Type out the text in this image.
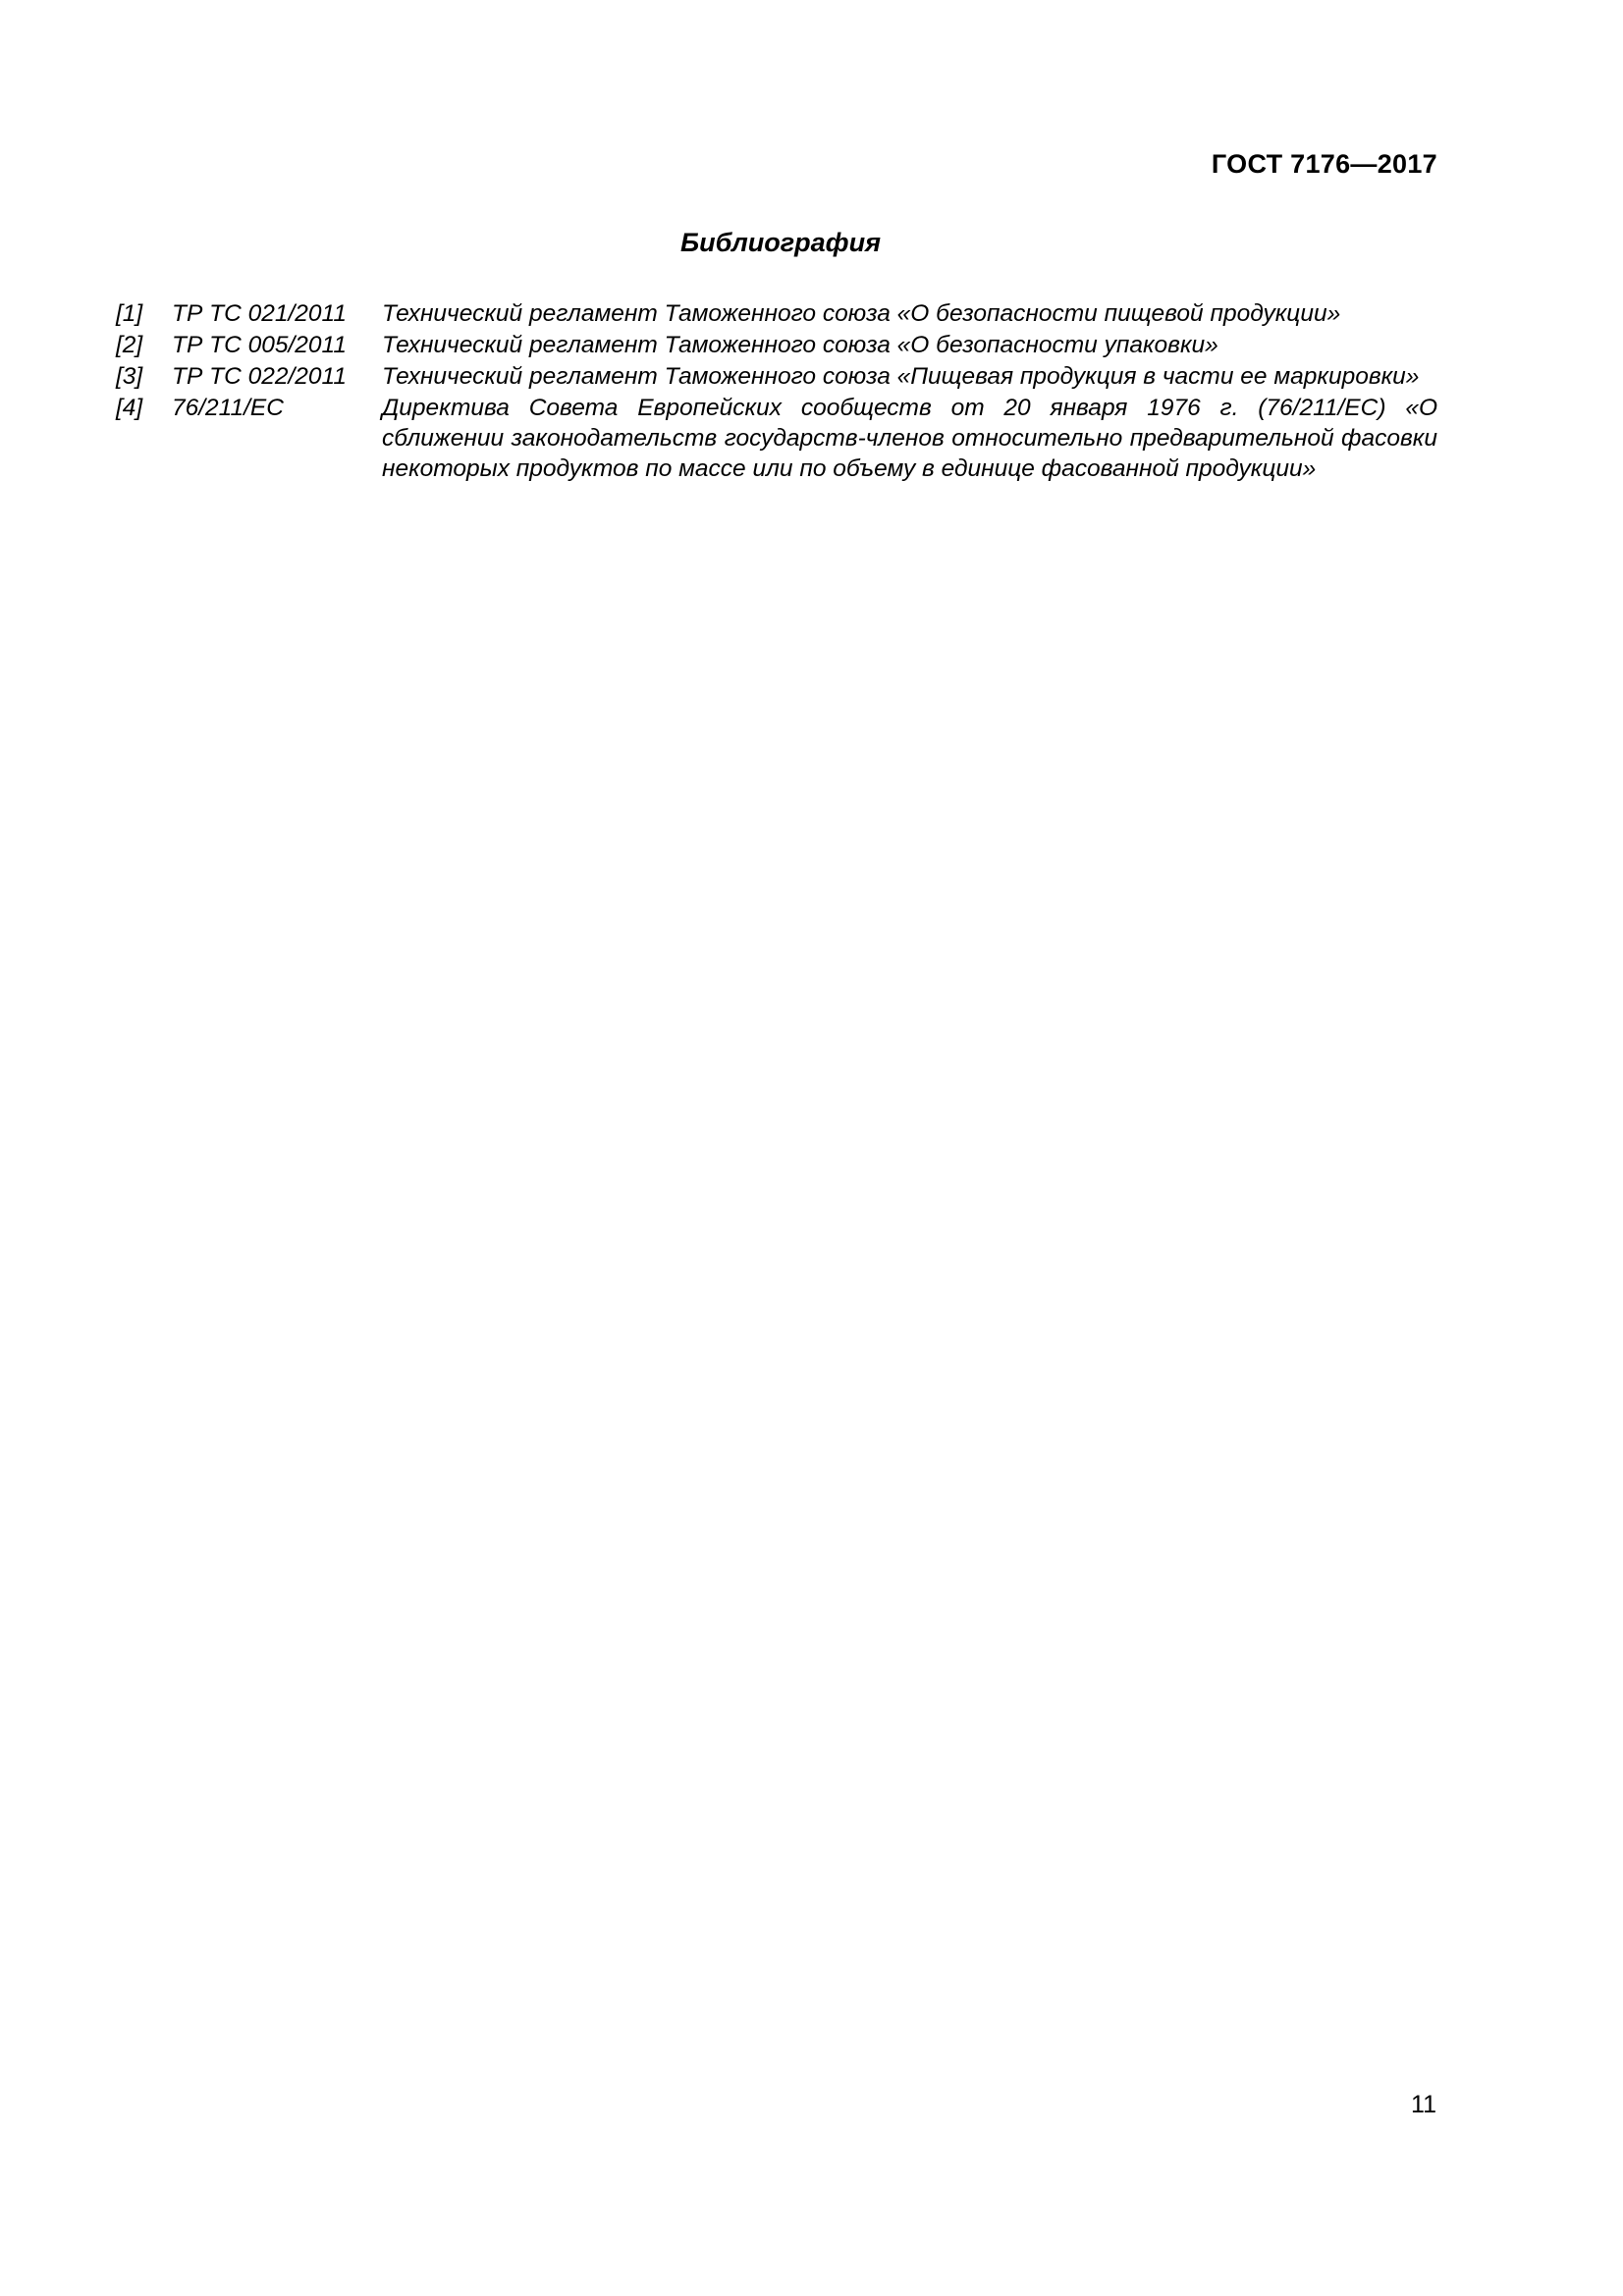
ГОСТ 7176—2017
Библиография
[1] ТР ТС 021/2011 Технический регламент Таможенного союза «О безопасности пищевой продукции»
[2] ТР ТС 005/2011 Технический регламент Таможенного союза «О безопасности упаковки»
[3] ТР ТС 022/2011 Технический регламент Таможенного союза «Пищевая продукция в части ее маркировки»
[4] 76/211/ЕС	Директива Совета Европейских сообществ от 20 января 1976 г. (76/211/ЕС) «О сближении законодательств государств-членов относительно предварительной фасовки некоторых продуктов по массе или по объему в единице фасованной продукции»
11
